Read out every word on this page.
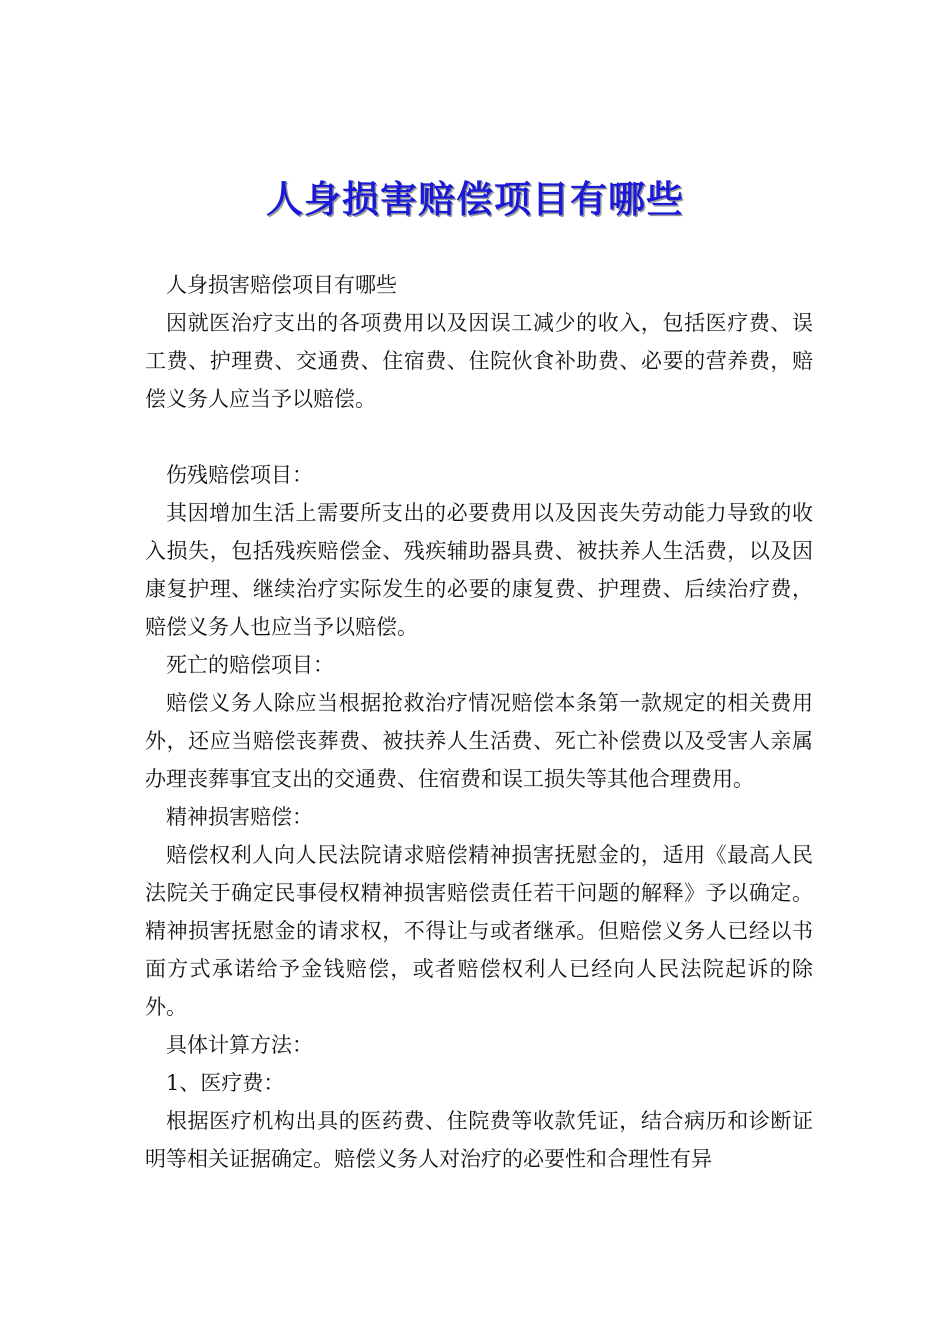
人身损害赔偿项目有哪些

人身损害赔偿项目有哪些

因就医治疗支出的各项费用以及因误工减少的收入，包括医疗费、误工费、护理费、交通费、住宿费、住院伙食补助费、必要的营养费，赔偿义务人应当予以赔偿。

伤残赔偿项目：

其因增加生活上需要所支出的必要费用以及因丧失劳动能力导致的收入损失，包括残疾赔偿金、残疾辅助器具费、被扶养人生活费，以及因康复护理、继续治疗实际发生的必要的康复费、护理费、后续治疗费，赔偿义务人也应当予以赔偿。

死亡的赔偿项目：

赔偿义务人除应当根据抢救治疗情况赔偿本条第一款规定的相关费用外，还应当赔偿丧葬费、被扶养人生活费、死亡补偿费以及受害人亲属办理丧葬事宜支出的交通费、住宿费和误工损失等其他合理费用。

精神损害赔偿：

赔偿权利人向人民法院请求赔偿精神损害抚慰金的，适用《最高人民法院关于确定民事侵权精神损害赔偿责任若干问题的解释》予以确定。精神损害抚慰金的请求权，不得让与或者继承。但赔偿义务人已经以书面方式承诺给予金钱赔偿，或者赔偿权利人已经向人民法院起诉的除外。

具体计算方法：

1、医疗费：

根据医疗机构出具的医药费、住院费等收款凭证，结合病历和诊断证明等相关证据确定。赔偿义务人对治疗的必要性和合理性有异
